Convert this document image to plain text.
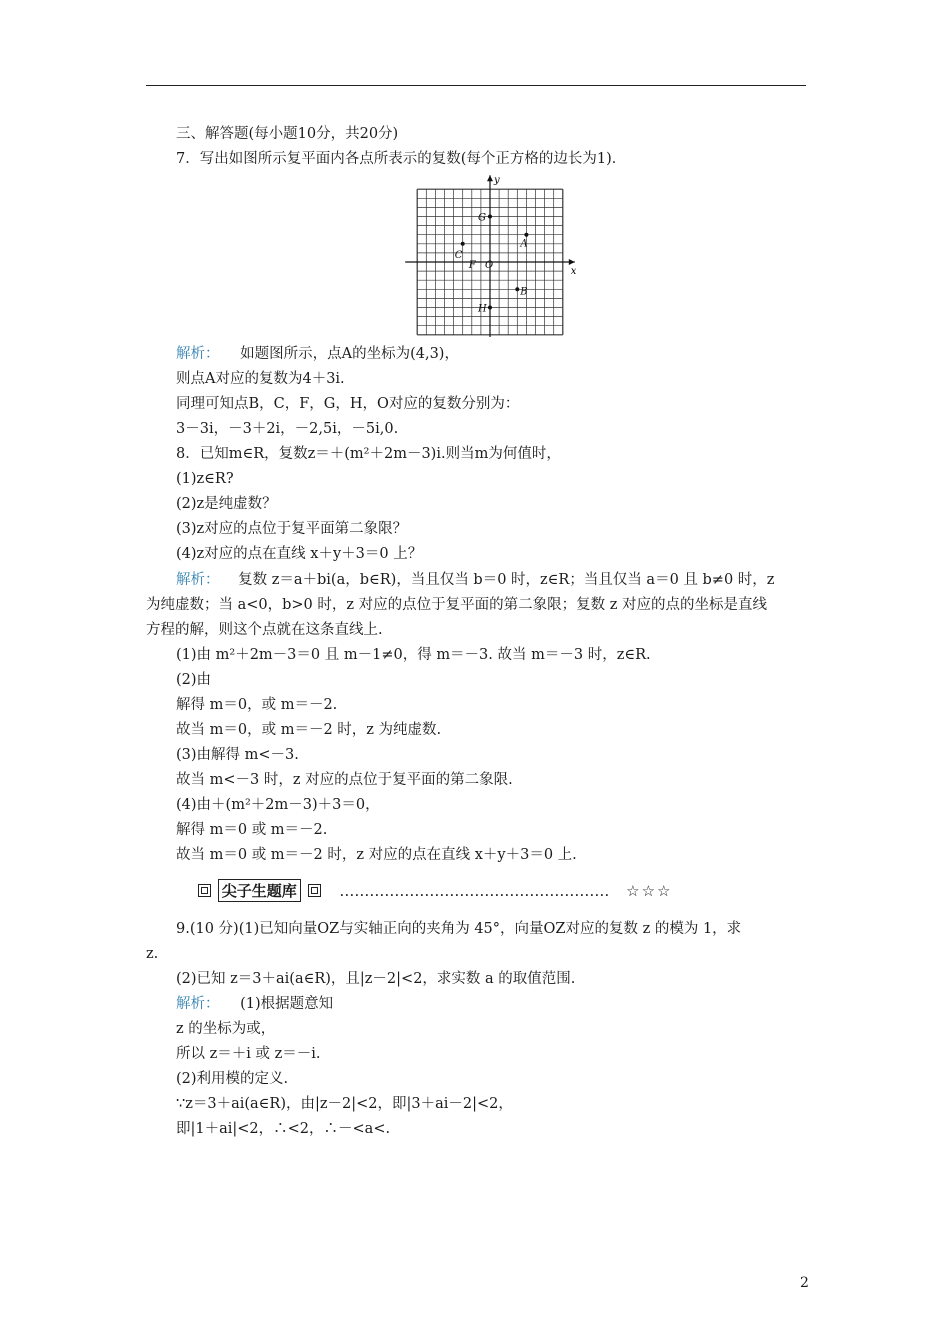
三、解答题(每小题10分，共20分)
7．写出如图所示复平面内各点所表示的复数(每个正方格的边长为1)．
x
y
G
A
C
F O
B
H
解析： 如题图所示，点A的坐标为(4,3)，
则点A对应的复数为4＋3i.
同理可知点B，C，F，G，H，O对应的复数分别为：
3－3i，－3＋2i，－2,5i，－5i,0.
8．已知m∈R，复数z＝＋(m²＋2m－3)i.则当m为何值时，
(1)z∈R?
(2)z是纯虚数？
(3)z对应的点位于复平面第二象限？
(4)z对应的点在直线 x＋y＋3＝0 上？
解析： 复数 z＝a＋bi(a，b∈R)，当且仅当 b＝0 时，z∈R；当且仅当 a＝0 且 b≠0 时，z
为纯虚数；当 a<0，b>0 时，z 对应的点位于复平面的第二象限；复数 z 对应的点的坐标是直线
方程的解，则这个点就在这条直线上.
(1)由 m²＋2m－3＝0 且 m－1≠0，得 m＝－3. 故当 m＝－3 时，z∈R.
(2)由
解得 m＝0，或 m＝－2.
故当 m＝0，或 m＝－2 时，z 为纯虚数.
(3)由解得 m<－3.
故当 m<－3 时，z 对应的点位于复平面的第二象限.
(4)由＋(m²＋2m－3)＋3＝0，
解得 m＝0 或 m＝－2.
故当 m＝0 或 m＝－2 时，z 对应的点在直线 x＋y＋3＝0 上.
尖子生题库	……………………………………………… ☆☆☆
9.(10 分)(1)已知向量OZ与实轴正向的夹角为 45°，向量OZ对应的复数 z 的模为 1，求
z.
(2)已知 z＝3＋ai(a∈R)，且|z－2|<2，求实数 a 的取值范围.
解析： (1)根据题意知
z 的坐标为或，
所以 z＝＋i 或 z＝－i.
(2)利用模的定义.
∵z＝3＋ai(a∈R)，由|z－2|<2，即|3＋ai－2|<2，
即|1＋ai|<2，∴<2，∴－<a<.
2
